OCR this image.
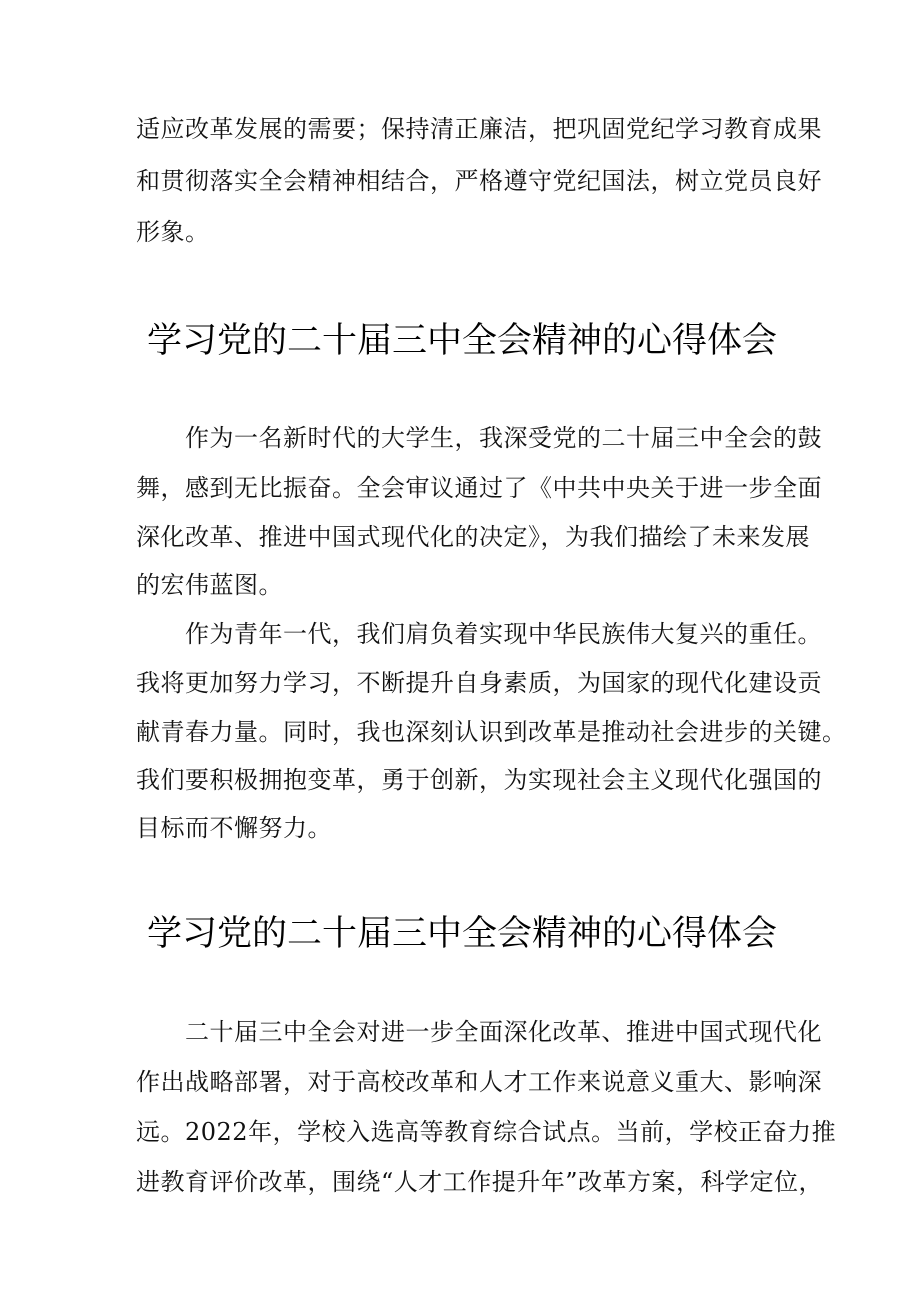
适应改革发展的需要；保持清正廉洁，把巩固党纪学习教育成果
和贯彻落实全会精神相结合，严格遵守党纪国法，树立党员良好
形象。
学习党的二十届三中全会精神的心得体会
作为一名新时代的大学生，我深受党的二十届三中全会的鼓
舞，感到无比振奋。全会审议通过了《中共中央关于进一步全面
深化改革、推进中国式现代化的决定》，为我们描绘了未来发展
的宏伟蓝图。
作为青年一代，我们肩负着实现中华民族伟大复兴的重任。
我将更加努力学习，不断提升自身素质，为国家的现代化建设贡
献青春力量。同时，我也深刻认识到改革是推动社会进步的关键。
我们要积极拥抱变革，勇于创新，为实现社会主义现代化强国的
目标而不懈努力。
学习党的二十届三中全会精神的心得体会
二十届三中全会对进一步全面深化改革、推进中国式现代化
作出战略部署，对于高校改革和人才工作来说意义重大、影响深
远。2022年，学校入选高等教育综合试点。当前，学校正奋力推
进教育评价改革，围绕“人才工作提升年”改革方案，科学定位，
